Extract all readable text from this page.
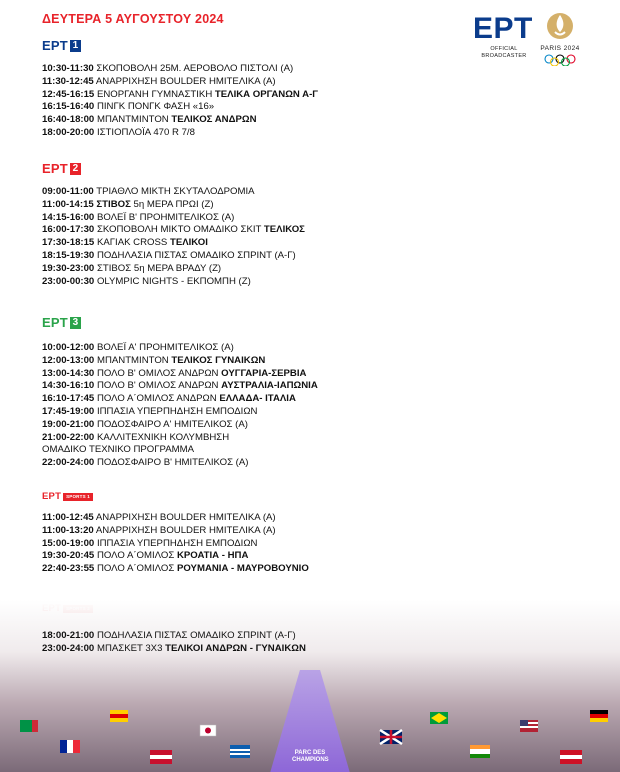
ΔΕΥΤΕΡΑ 5 ΑΥΓΟΥΣΤΟΥ 2024	ΕΡΤ
OFFICIAL
BROADCASTER
PARIS 2024
ΕΡΤ 1
10:30-11:30 ΣΚΟΠΟΒΟΛΗ 25Μ. ΑΕΡΟΒΟΛΟ ΠΙΣΤΟΛΙ (Α)
11:30-12:45 ΑΝΑΡΡΙΧΗΣΗ BOULDER ΗΜΙΤΕΛΙΚΑ (Α)
12:45-16:15 ΕΝΟΡΓΑΝΗ ΓΥΜΝΑΣΤΙΚΗ ΤΕΛΙΚΑ ΟΡΓΑΝΩΝ Α-Γ
16:15-16:40 ΠΙΝΓΚ ΠΟΝΓΚ ΦΑΣΗ «16»
16:40-18:00 ΜΠΑΝΤΜΙΝΤΟΝ ΤΕΛΙΚΟΣ ΑΝΔΡΩΝ
18:00-20:00 ΙΣΤΙΟΠΛΟΪΑ 470 R 7/8
ΕΡΤ 2
09:00-11:00 ΤΡΙΑΘΛΟ ΜΙΚΤΗ ΣΚΥΤΑΛΟΔΡΟΜΙΑ
11:00-14:15 ΣΤΙΒΟΣ 5η ΜΕΡΑ ΠΡΩΙ (Ζ)
14:15-16:00 ΒΟΛΕΪ Β' ΠΡΟΗΜΙΤΕΛΙΚΟΣ (Α)
16:00-17:30 ΣΚΟΠΟΒΟΛΗ ΜΙΚΤΟ ΟΜΑΔΙΚΟ ΣΚΙΤ ΤΕΛΙΚΟΣ
17:30-18:15 ΚΑΓΙΑΚ CROSS ΤΕΛΙΚΟΙ
18:15-19:30 ΠΟΔΗΛΑΣΙΑ ΠΙΣΤΑΣ ΟΜΑΔΙΚΟ ΣΠΡΙΝΤ (Α-Γ)
19:30-23:00 ΣΤΙΒΟΣ 5η ΜΕΡΑ ΒΡΑΔΥ (Ζ)
23:00-00:30 OLYMPIC NIGHTS - ΕΚΠΟΜΠΗ (Ζ)
ΕΡΤ 3
10:00-12:00 ΒΟΛΕΪ Α' ΠΡΟΗΜΙΤΕΛΙΚΟΣ (Α)
12:00-13:00 ΜΠΑΝΤΜΙΝΤΟΝ ΤΕΛΙΚΟΣ ΓΥΝΑΙΚΩΝ
13:00-14:30 ΠΟΛΟ Β' ΟΜΙΛΟΣ ΑΝΔΡΩΝ ΟΥΓΓΑΡΙΑ-ΣΕΡΒΙΑ
14:30-16:10 ΠΟΛΟ Β' ΟΜΙΛΟΣ ΑΝΔΡΩΝ ΑΥΣΤΡΑΛΙΑ-ΙΑΠΩΝΙΑ
16:10-17:45 ΠΟΛΟ Α΄ΟΜΙΛΟΣ ΑΝΔΡΩΝ ΕΛΛΑΔΑ- ΙΤΑΛΙΑ
17:45-19:00 ΙΠΠΑΣΙΑ ΥΠΕΡΠΗΔΗΣΗ ΕΜΠΟΔΙΩΝ
19:00-21:00 ΠΟΔΟΣΦΑΙΡΟ Α' ΗΜΙΤΕΛΙΚΟΣ (Α)
21:00-22:00 ΚΑΛΛΙΤΕΧΝΙΚΗ ΚΟΛΥΜΒΗΣΗ
ΟΜΑΔΙΚΟ ΤΕΧΝΙΚΟ ΠΡΟΓΡΑΜΜΑ
22:00-24:00 ΠΟΔΟΣΦΑΙΡΟ Β' ΗΜΙΤΕΛΙΚΟΣ (Α)
ΕΡΤ	SPORTS 1
11:00-12:45 ΑΝΑΡΡΙΧΗΣΗ BOULDER ΗΜΙΤΕΛΙΚΑ (Α)
11:00-13:20 ΑΝΑΡΡΙΧΗΣΗ BOULDER ΗΜΙΤΕΛΙΚΑ (Α)
15:00-19:00 ΙΠΠΑΣΙΑ ΥΠΕΡΠΗΔΗΣΗ ΕΜΠΟΔΙΩΝ
19:30-20:45 ΠΟΛΟ Α΄ΟΜΙΛΟΣ ΚΡΟΑΤΙΑ - ΗΠΑ
22:40-23:55 ΠΟΛΟ Α΄ΟΜΙΛΟΣ ΡΟΥΜΑΝΙΑ - ΜΑΥΡΟΒΟΥΝΙΟ
PARC DES CHAMPIONS
18:00-21:00 ΠΟΔΗΛΑΣΙΑ ΠΙΣΤΑΣ ΟΜΑΔΙΚΟ ΣΠΡΙΝΤ (Α-Γ)
23:00-24:00 ΜΠΑΣΚΕΤ 3Χ3 ΤΕΛΙΚΟΙ ΑΝΔΡΩΝ - ΓΥΝΑΙΚΩΝ
